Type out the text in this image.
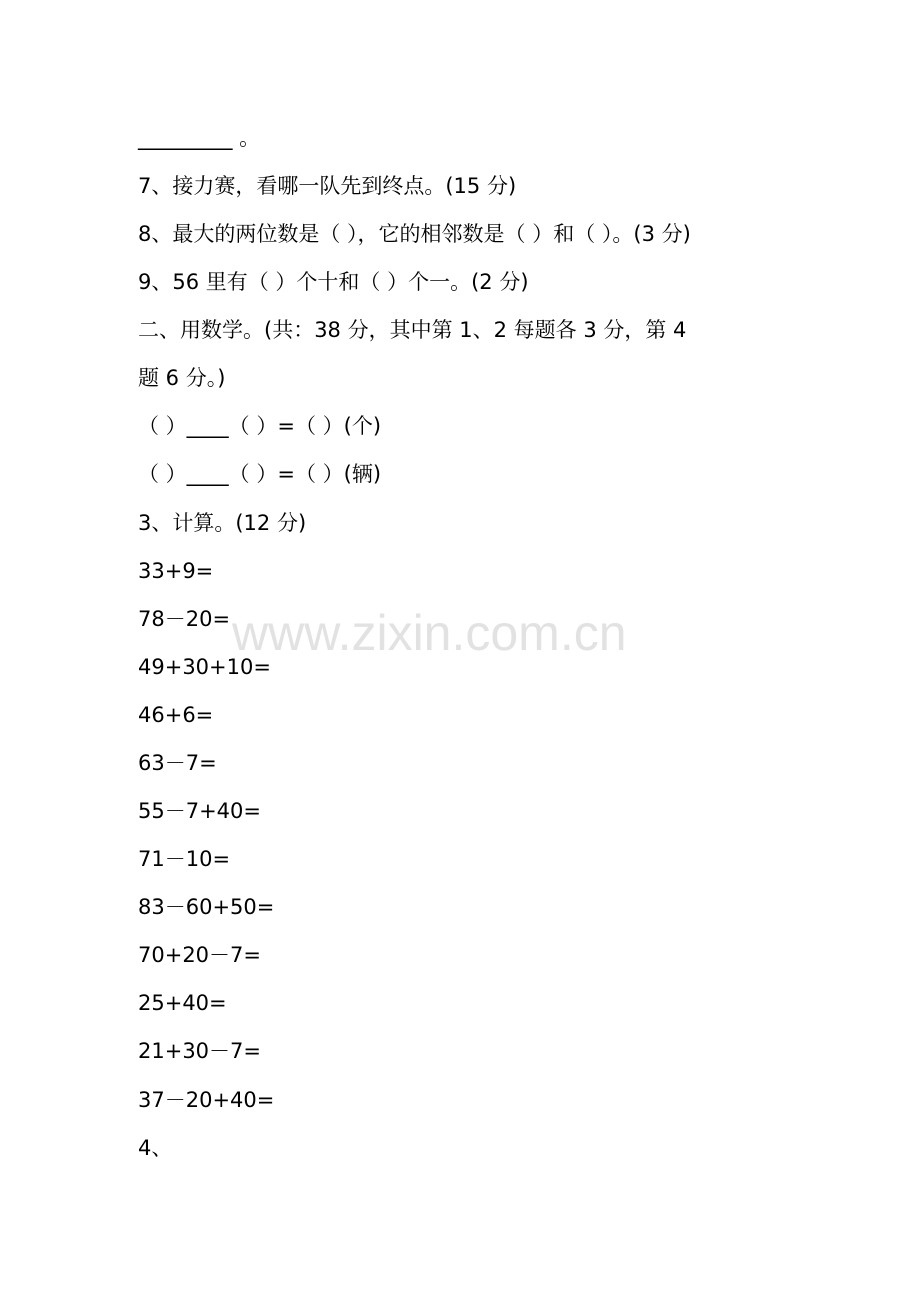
_________ 。
7、接力赛，看哪一队先到终点。(15 分)
8、最大的两位数是（ ），它的相邻数是（ ）和（ ）。(3 分)
9、56 里有（ ）个十和（ ）个一。(2 分)
二、用数学。(共：38 分，其中第 1、2 每题各 3 分，第 4
题 6 分。)
（ ）____（ ）=（ ）(个)
（ ）____（ ）=（ ）(辆)
3、计算。(12 分)
33+9=
78－20=
49+30+10=
46+6=
63－7=
55－7+40=
71－10=
83－60+50=
70+20－7=
25+40=
21+30－7=
37－20+40=
4、
www.zixin.com.cn
